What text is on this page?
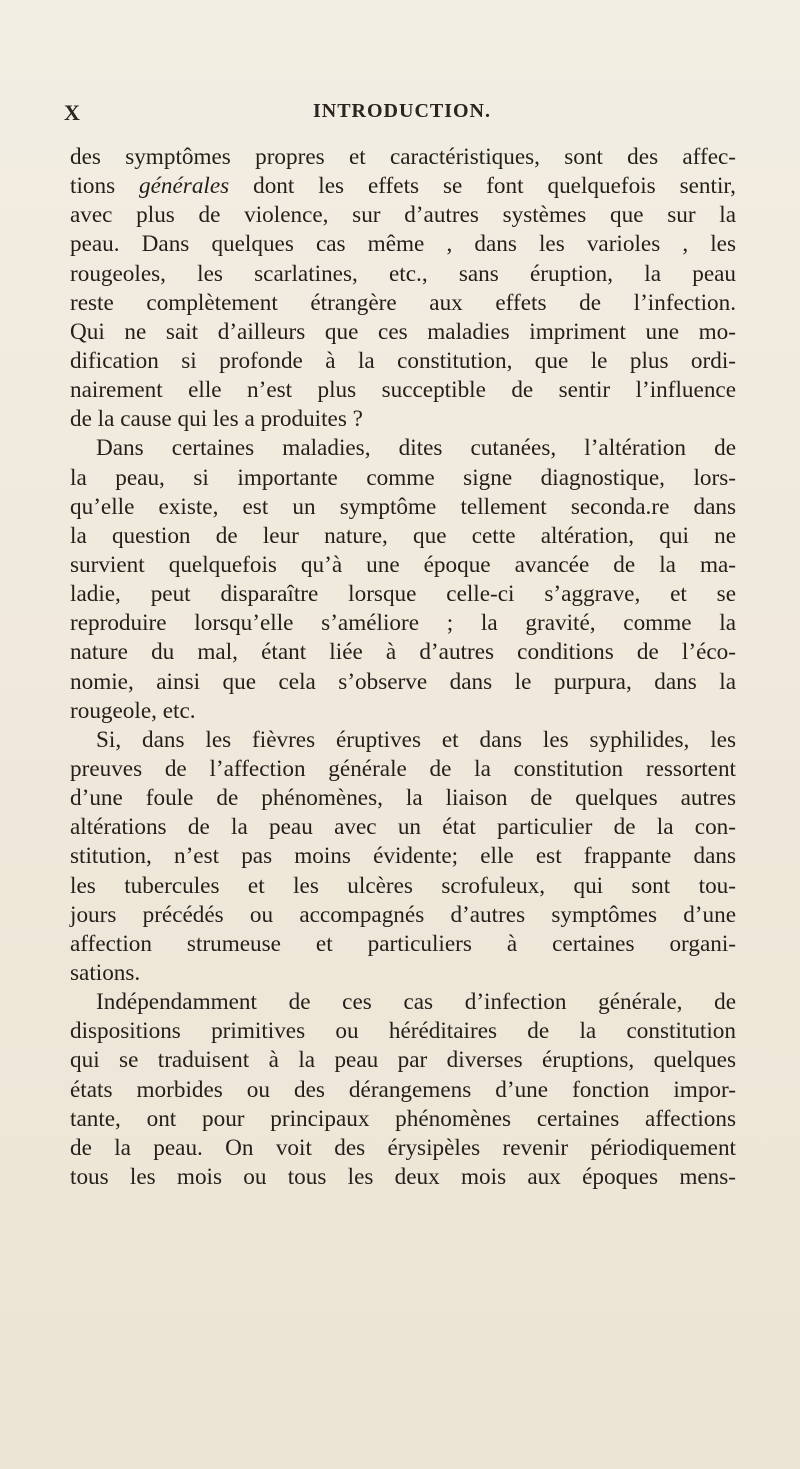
X	INTRODUCTION.
des symptômes propres et caractéristiques, sont des affec-
tions générales dont les effets se font quelquefois sentir,
avec plus de violence, sur d’autres systèmes que sur la
peau. Dans quelques cas même , dans les varioles , les
rougeoles, les scarlatines, etc., sans éruption, la peau
reste complètement étrangère aux effets de l’infection.
Qui ne sait d’ailleurs que ces maladies impriment une mo-
dification si profonde à la constitution, que le plus ordi-
nairement elle n’est plus succeptible de sentir l’influence
de la cause qui les a produites ?
Dans certaines maladies, dites cutanées, l’altération de
la peau, si importante comme signe diagnostique, lors-
qu’elle existe, est un symptôme tellement seconda.re dans
la question de leur nature, que cette altération, qui ne
survient quelquefois qu’à une époque avancée de la ma-
ladie, peut disparaître lorsque celle-ci s’aggrave, et se
reproduire lorsqu’elle s’améliore ; la gravité, comme la
nature du mal, étant liée à d’autres conditions de l’éco-
nomie, ainsi que cela s’observe dans le purpura, dans la
rougeole, etc.
Si, dans les fièvres éruptives et dans les syphilides, les
preuves de l’affection générale de la constitution ressortent
d’une foule de phénomènes, la liaison de quelques autres
altérations de la peau avec un état particulier de la con-
stitution, n’est pas moins évidente; elle est frappante dans
les tubercules et les ulcères scrofuleux, qui sont tou-
jours précédés ou accompagnés d’autres symptômes d’une
affection strumeuse et particuliers à certaines organi-
sations.
Indépendamment de ces cas d’infection générale, de
dispositions primitives ou héréditaires de la constitution
qui se traduisent à la peau par diverses éruptions, quelques
états morbides ou des dérangemens d’une fonction impor-
tante, ont pour principaux phénomènes certaines affections
de la peau. On voit des érysipèles revenir périodiquement
tous les mois ou tous les deux mois aux époques mens-
